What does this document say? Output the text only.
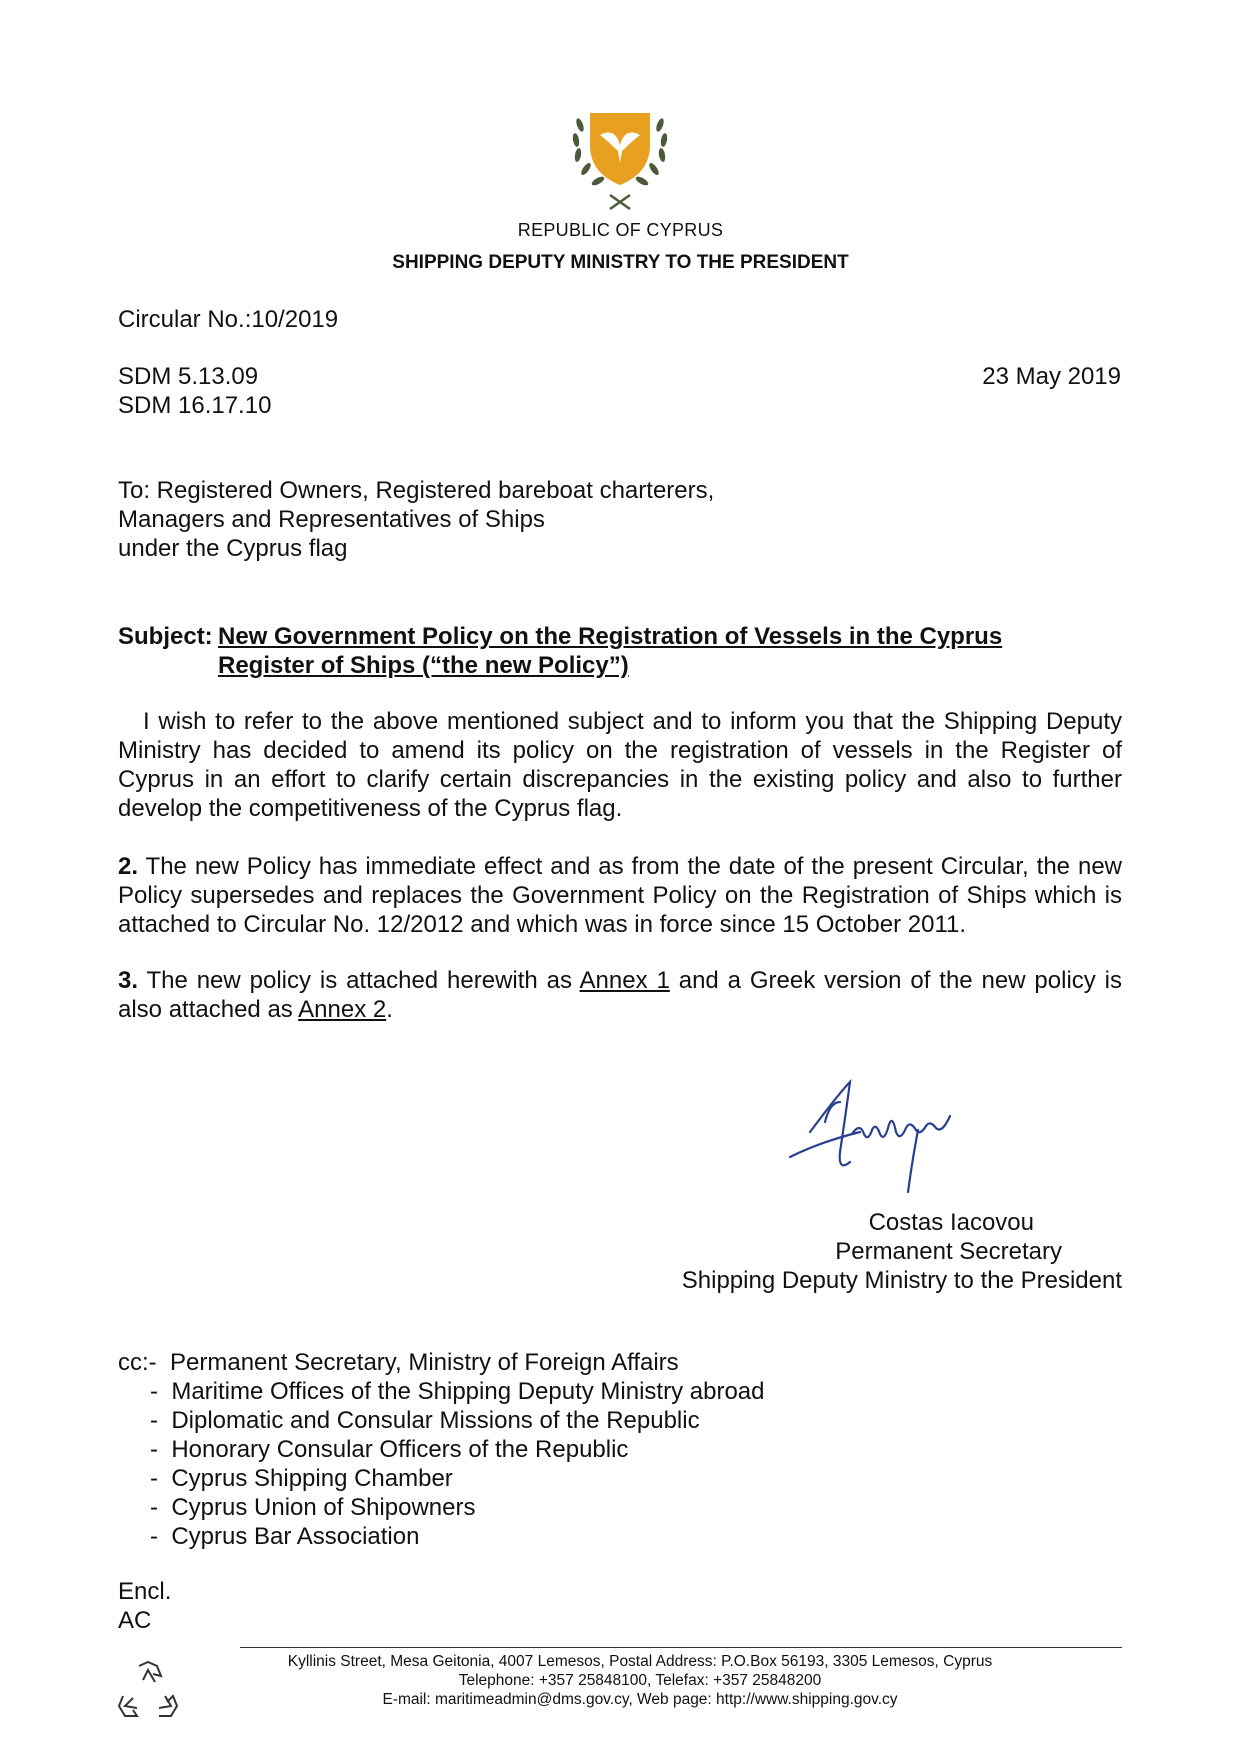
REPUBLIC OF CYPRUS
SHIPPING DEPUTY MINISTRY TO THE PRESIDENT
Circular No.:10/2019
SDM 5.13.09
SDM 16.17.10
23 May 2019
To: Registered Owners, Registered bareboat charterers,
Managers and Representatives of Ships
under the Cyprus flag
Subject: New Government Policy on the Registration of Vessels in the Cyprus
Register of Ships (“the new Policy”)
I wish to refer to the above mentioned subject and to inform you that the Shipping Deputy Ministry has decided to amend its policy on the registration of vessels in the Register of Cyprus in an effort to clarify certain discrepancies in the existing policy and also to further develop the competitiveness of the Cyprus flag.
2. The new Policy has immediate effect and as from the date of the present Circular, the new Policy supersedes and replaces the Government Policy on the Registration of Ships which is attached to Circular No. 12/2012 and which was in force since 15 October 2011.
3. The new policy is attached herewith as Annex 1 and a Greek version of the new policy is also attached as Annex 2.
Costas Iacovou
Permanent Secretary
Shipping Deputy Ministry to the President
cc:- Permanent Secretary, Ministry of Foreign Affairs
-  Maritime Offices of the Shipping Deputy Ministry abroad
-  Diplomatic and Consular Missions of the Republic
-  Honorary Consular Officers of the Republic
-  Cyprus Shipping Chamber
-  Cyprus Union of Shipowners
-  Cyprus Bar Association
Encl.
AC
Kyllinis Street, Mesa Geitonia, 4007 Lemesos, Postal Address: P.O.Box 56193, 3305 Lemesos, Cyprus
Telephone: +357 25848100, Telefax: +357 25848200
E-mail: maritimeadmin@dms.gov.cy, Web page: http://www.shipping.gov.cy
